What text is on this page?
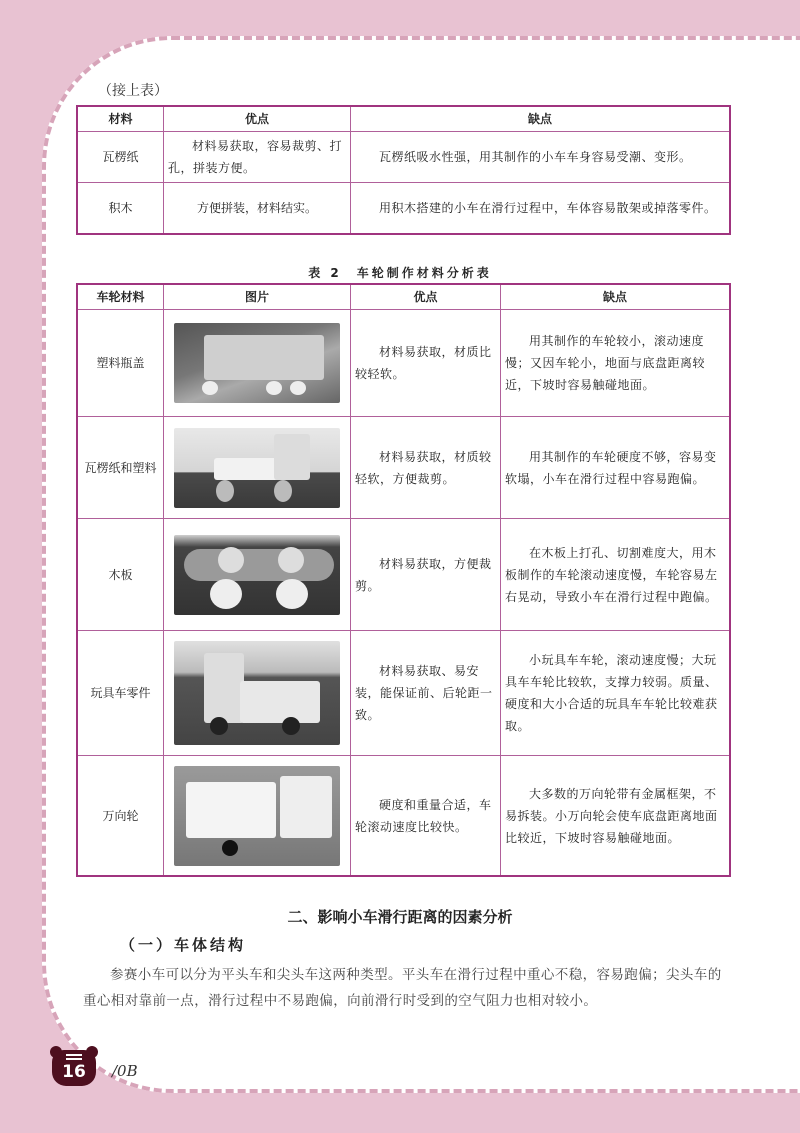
（接上表）
材料	优点	缺点
瓦楞纸	材料易获取，容易裁剪、打孔，拼装方便。	瓦楞纸吸水性强，用其制作的小车车身容易受潮、变形。
积木	方便拼装，材料结实。	用积木搭建的小车在滑行过程中，车体容易散架或掉落零件。
表 2　车轮制作材料分析表
车轮材料	图片	优点	缺点
塑料瓶盖		材料易获取，材质比较轻软。	用其制作的车轮较小，滚动速度慢；又因车轮小，地面与底盘距离较近，下坡时容易触碰地面。
瓦楞纸和塑料		材料易获取，材质较轻软，方便裁剪。	用其制作的车轮硬度不够，容易变软塌，小车在滑行过程中容易跑偏。
木板		材料易获取，方便裁剪。	在木板上打孔、切割难度大，用木板制作的车轮滚动速度慢，车轮容易左右晃动，导致小车在滑行过程中跑偏。
玩具车零件		材料易获取、易安装，能保证前、后轮距一致。	小玩具车车轮，滚动速度慢；大玩具车车轮比较软，支撑力较弱。质量、硬度和大小合适的玩具车车轮比较难获取。
万向轮		硬度和重量合适，车轮滚动速度比较快。	大多数的万向轮带有金属框架，不易拆装。小万向轮会使车底盘距离地面比较近，下坡时容易触碰地面。
二、影响小车滑行距离的因素分析
（一）车体结构
参赛小车可以分为平头车和尖头车这两种类型。平头车在滑行过程中重心不稳，容易跑偏；尖头车的重心相对靠前一点，滑行过程中不易跑偏，向前滑行时受到的空气阻力也相对较小。
16	/0B
